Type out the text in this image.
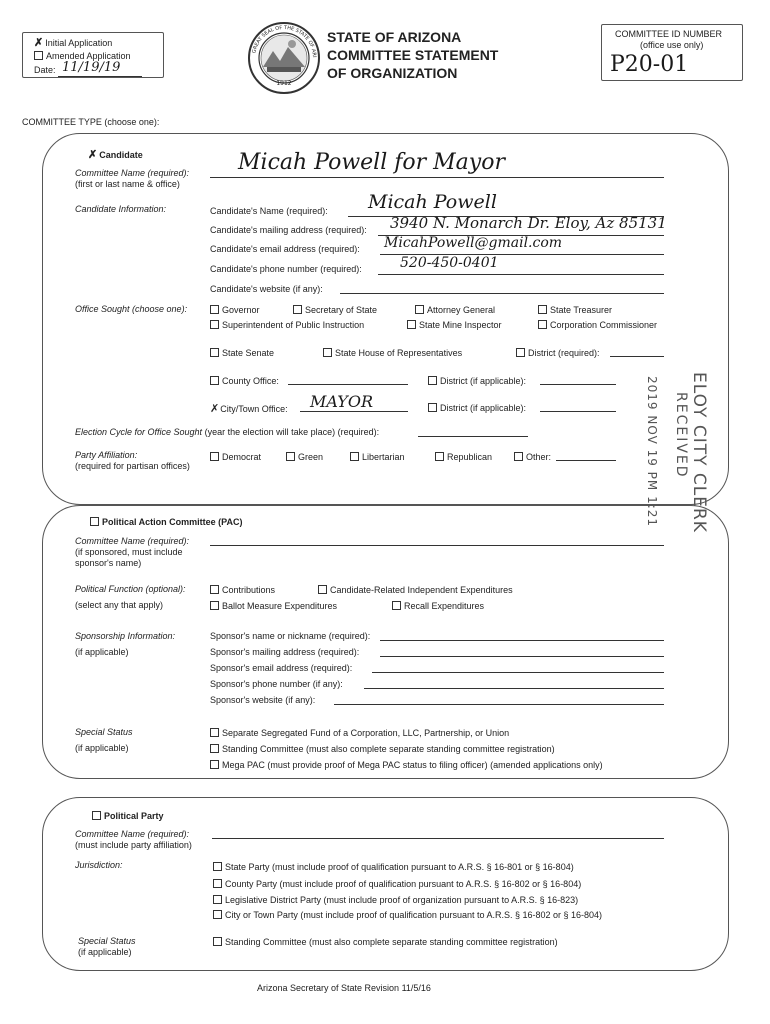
✗ Initial Application
Amended Application
Date: 11/19/19
1912
GREAT SEAL OF THE STATE OF ARI
STATE OF ARIZONA
COMMITTEE STATEMENT
OF ORGANIZATION
COMMITTEE ID NUMBER
(office use only)
P20-01
COMMITTEE TYPE (choose one):
✗ Candidate
Committee Name (required):
(first or last name & office)
Micah Powell for Mayor
Candidate Information:	Candidate's Name (required): Micah Powell
Candidate's mailing address (required): 3940 N. Monarch Dr. Eloy, Az 85131
Candidate's email address (required): MicahPowell@gmail.com
Candidate's phone number (required):	520-450-0401
Candidate's website (if any):
Office Sought (choose one):	Governor	Secretary of State	Attorney General	State Treasurer
Superintendent of Public Instruction	State Mine Inspector	Corporation Commissioner
State Senate	State House of Representatives	District (required):
County Office:	District (if applicable):
✗City/Town Office: MAYOR	District (if applicable):
Election Cycle for Office Sought (year the election will take place) (required):
Party Affiliation:
(required for partisan offices)
Democrat	Green	Libertarian	Republican	Other:	ELOY CITY CLERK
RECEIVED
2019 NOV 19 PM 1:21
Political Action Committee (PAC)
Committee Name (required):
(if sponsored, must include
sponsor's name)
Political Function (optional):
(select any that apply)
Contributions	Candidate-Related Independent Expenditures
Ballot Measure Expenditures	Recall Expenditures
Sponsorship Information:
(if applicable)
Sponsor's name or nickname (required):
Sponsor's mailing address (required):
Sponsor's email address (required):
Sponsor's phone number (if any):
Sponsor's website (if any):
Special Status
(if applicable)
Separate Segregated Fund of a Corporation, LLC, Partnership, or Union
Standing Committee (must also complete separate standing committee registration)
Mega PAC (must provide proof of Mega PAC status to filing officer) (amended applications only)
Political Party
Committee Name (required):
(must include party affiliation)
Jurisdiction:	State Party (must include proof of qualification pursuant to A.R.S. § 16-801 or § 16-804)
County Party (must include proof of qualification pursuant to A.R.S. § 16-802 or § 16-804)
Legislative District Party (must include proof of organization pursuant to A.R.S. § 16-823)
City or Town Party (must include proof of qualification pursuant to A.R.S. § 16-802 or § 16-804)
Special Status
(if applicable)
Standing Committee (must also complete separate standing committee registration)
Arizona Secretary of State Revision 11/5/16
